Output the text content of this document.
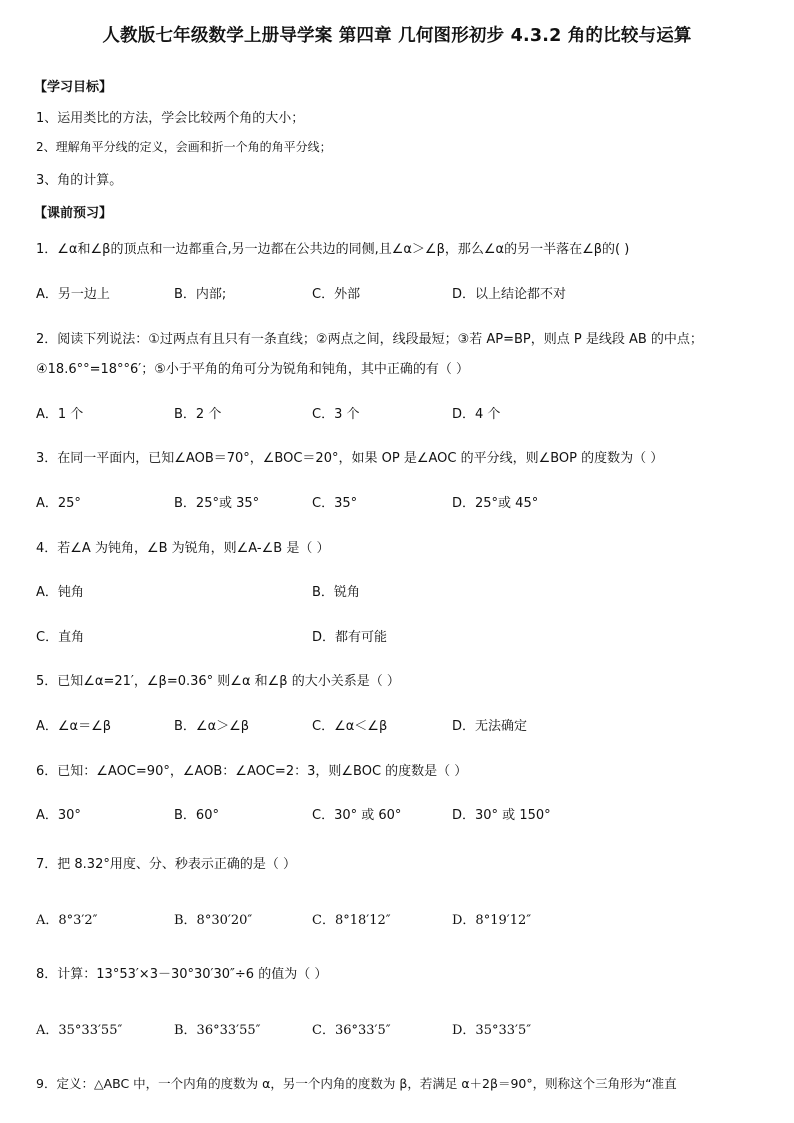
人教版七年级数学上册导学案 第四章 几何图形初步 4.3.2 角的比较与运算
【学习目标】
1、运用类比的方法，学会比较两个角的大小；
2、理解角平分线的定义，会画和折一个角的角平分线；
3、角的计算。
【课前预习】
1．∠α和∠β的顶点和一边都重合,另一边都在公共边的同侧,且∠α＞∠β，那么∠α的另一半落在∠β的( )
A．另一边上	B．内部;	C．外部	D．以上结论都不对
2．阅读下列说法：①过两点有且只有一条直线；②两点之间，线段最短；③若 AP=BP，则点 P 是线段 AB 的中点；
④18.6°°=18°°6′；⑤小于平角的角可分为锐角和钝角，其中正确的有（ ）
A．1 个	B．2 个	C．3 个	D．4 个
3．在同一平面内，已知∠AOB＝70°，∠BOC＝20°，如果 OP 是∠AOC 的平分线，则∠BOP 的度数为（ ）
A．25°	B．25°或 35°	C．35°	D．25°或 45°
4．若∠A 为钝角，∠B 为锐角，则∠A-∠B 是（ ）
A．钝角	B．锐角
C．直角	D．都有可能
5．已知∠α=21′，∠β=0.36° 则∠α 和∠β 的大小关系是（ ）
A．∠α＝∠β	B．∠α＞∠β	C．∠α＜∠β	D．无法确定
6．已知：∠AOC=90°，∠AOB：∠AOC=2：3，则∠BOC 的度数是（ ）
A．30°	B．60°	C．30° 或 60°	D．30° 或 150°
7．把 8.32°用度、分、秒表示正确的是（ ）
A．8°3′2″	B．8°30′20″	C．8°18′12″	D．8°19′12″
8．计算：13°53′×3－30°30′30″÷6 的值为（ ）
A．35°33′55″	B．36°33′55″	C．36°33′5″	D．35°33′5″
9．定义：△ABC 中，一个内角的度数为 α，另一个内角的度数为 β，若满足 α＋2β＝90°，则称这个三角形为“准直
